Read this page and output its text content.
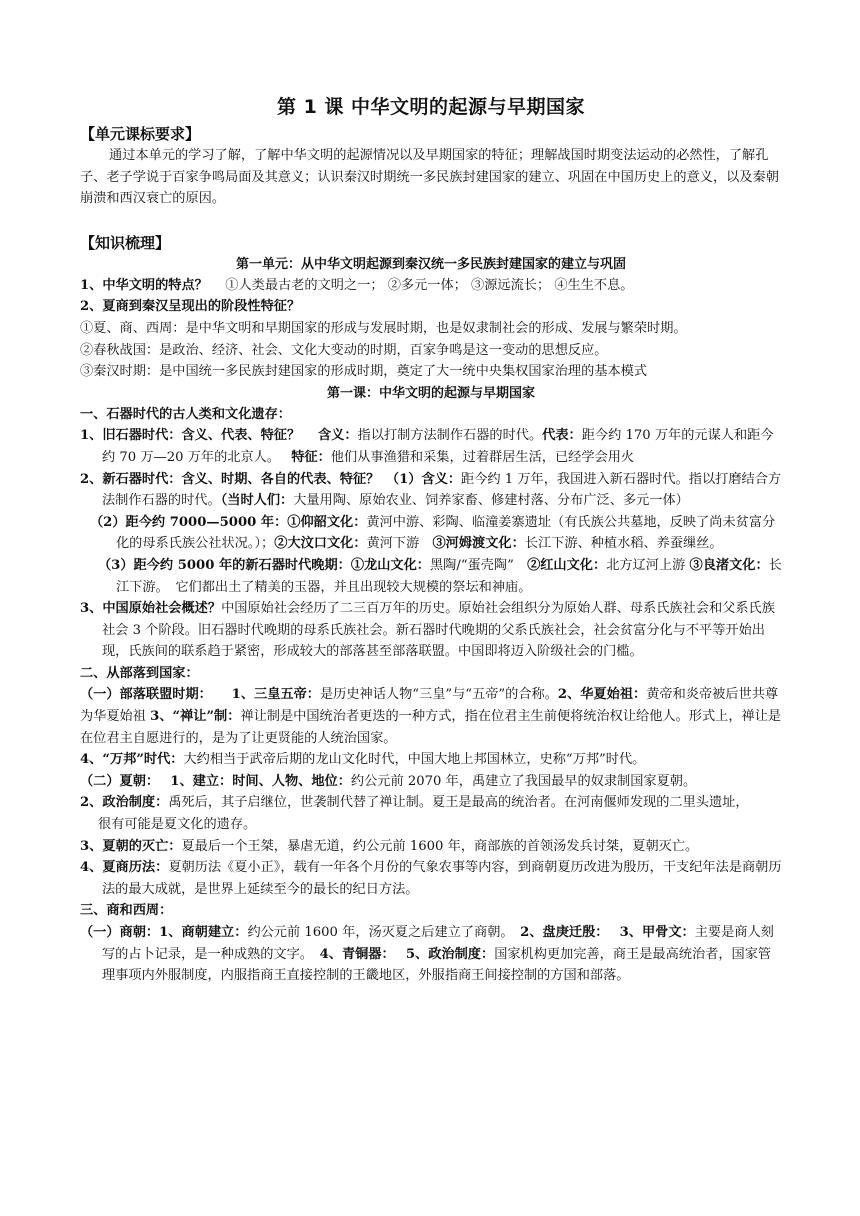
第 1 课 中华文明的起源与早期国家
【单元课标要求】

通过本单元的学习了解，了解中华文明的起源情况以及早期国家的特征；理解战国时期变法运动的必然性，了解孔子、老子学说于百家争鸣局面及其意义；认识秦汉时期统一多民族封建国家的建立、巩固在中国历史上的意义，以及秦朝崩溃和西汉衰亡的原因。

【知识梳理】
第一单元：从中华文明起源到秦汉统一多民族封建国家的建立与巩固

1、中华文明的特点？　 ①人类最古老的文明之一； ②多元一体； ③源远流长； ④生生不息。

2、夏商到秦汉呈现出的阶段性特征？

①夏、商、西周：是中华文明和早期国家的形成与发展时期，也是奴隶制社会的形成、发展与繁荣时期。

②春秋战国：是政治、经济、社会、文化大变动的时期，百家争鸣是这一变动的思想反应。

③秦汉时期：是中国统一多民族封建国家的形成时期，奠定了大一统中央集权国家治理的基本模式

第一课：中华文明的起源与早期国家

一、石器时代的古人类和文化遗存：

1、旧石器时代：含义、代表、特征？　 含义：指以打制方法制作石器的时代。代表：距今约 170 万年的元谋人和距今约 70 万—20 万年的北京人。　 特征：他们从事渔猎和采集，过着群居生活，已经学会用火

2、新石器时代：含义、时期、各自的代表、特征？　（1）含义：距今约 1 万年，我国进入新石器时代。指以打磨结合方法制作石器的时代。（当时人们：大量用陶、原始农业、饲养家畜、修建村落、分布广泛、多元一体）

（2）距今约 7000—5000 年：①仰韶文化：黄河中游、彩陶、临潼姜寨遗址（有氏族公共墓地，反映了尚未贫富分化的母系氏族公社状况。）；②大汶口文化：黄河下游　③河姆渡文化：长江下游、种植水稻、养蚕缫丝。

（3）距今约 5000 年的新石器时代晚期：①龙山文化：黑陶/“蛋壳陶”　②红山文化：北方辽河上游 ③良渚文化：长江下游。　它们都出土了精美的玉器，并且出现较大规模的祭坛和神庙。

3、中国原始社会概述？中国原始社会经历了二三百万年的历史。原始社会组织分为原始人群、母系氏族社会和父系氏族社会 3 个阶段。旧石器时代晚期的母系氏族社会。新石器时代晚期的父系氏族社会，社会贫富分化与不平等开始出现，氏族间的联系趋于紧密，形成较大的部落甚至部落联盟。中国即将迈入阶级社会的门槛。

二、从部落到国家：

（一）部落联盟时期：　　1、三皇五帝：是历史神话人物“三皇”与“五帝”的合称。2、华夏始祖：黄帝和炎帝被后世共尊为华夏始祖 3、“禅让”制：禅让制是中国统治者更迭的一种方式，指在位君主生前便将统治权让给他人。形式上，禅让是在位君主自愿进行的，是为了让更贤能的人统治国家。

4、“万邦”时代：大约相当于武帝后期的龙山文化时代，中国大地上邦国林立，史称“万邦”时代。

（二）夏朝：　 1、建立：时间、人物、地位：约公元前 2070 年，禹建立了我国最早的奴隶制国家夏朝。

2、政治制度：禹死后，其子启继位，世袭制代替了禅让制。夏王是最高的统治者。在河南偃师发现的二里头遗址，

很有可能是夏文化的遗存。

3、夏朝的灭亡：夏最后一个王桀，暴虐无道，约公元前 1600 年，商部族的首领汤发兵讨桀，夏朝灭亡。

4、夏商历法：夏朝历法《夏小正》，载有一年各个月份的气象农事等内容，到商朝夏历改进为殷历，干支纪年法是商朝历法的最大成就，是世界上延续至今的最长的纪日方法。

三、商和西周：

（一）商朝：1、商朝建立：约公元前 1600 年，汤灭夏之后建立了商朝。　2、盘庚迁殷：　 3、甲骨文：主要是商人刻写的占卜记录，是一种成熟的文字。　4、青铜器：　 5、政治制度：国家机构更加完善，商王是最高统治者，国家管理事项内外服制度，内服指商王直接控制的王畿地区，外服指商王间接控制的方国和部落。
